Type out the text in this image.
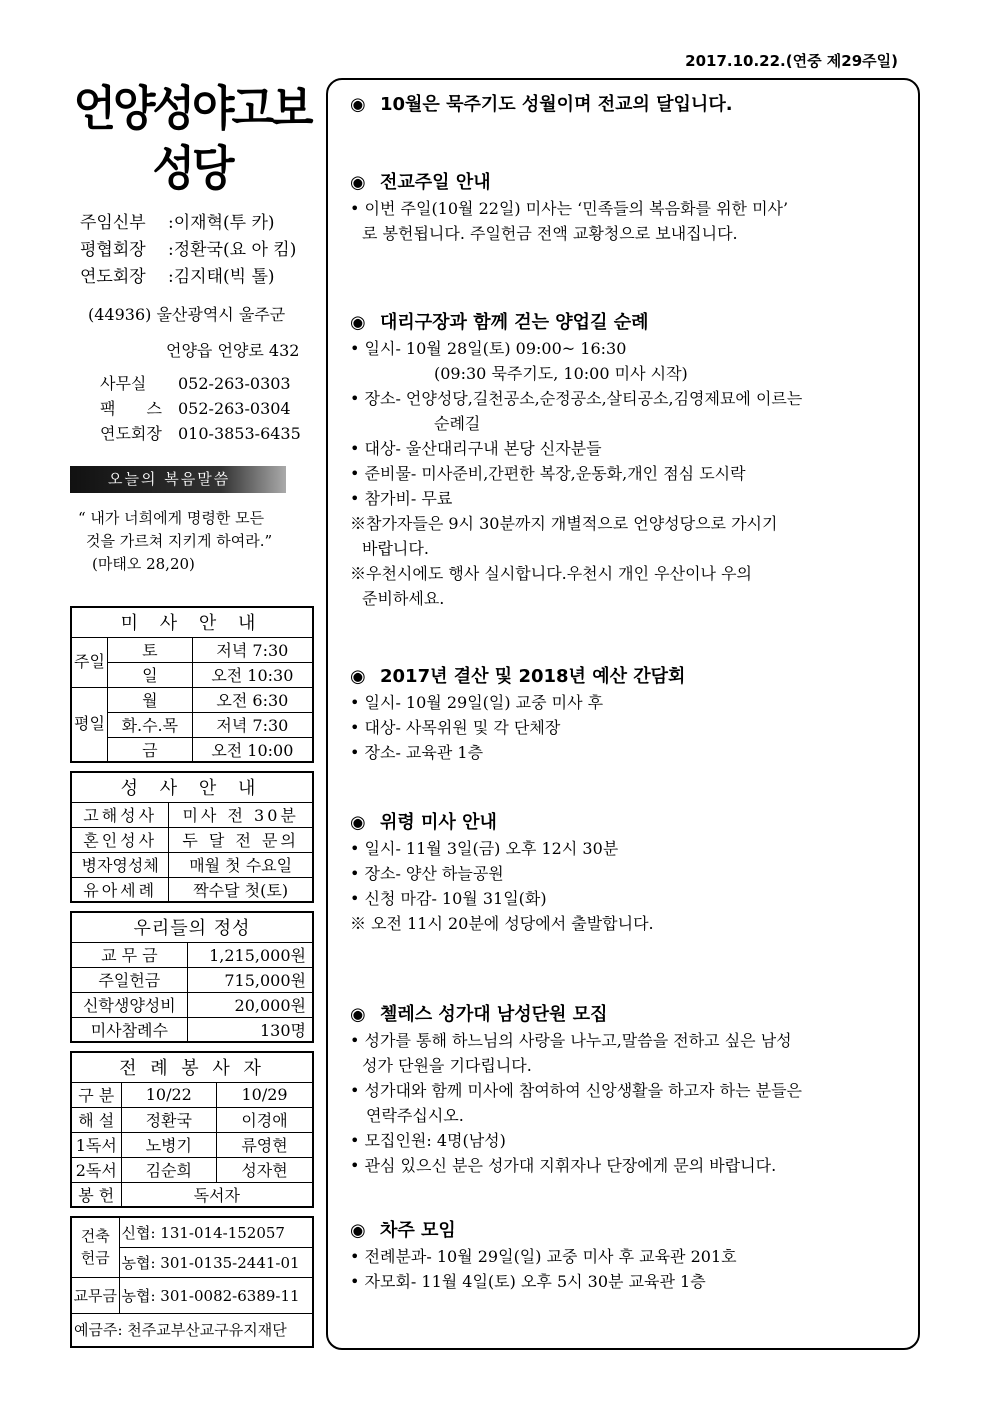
2017.10.22.(연중 제29주일)
언양성야고보
성당
주임신부	:이재혁(투 카)
평협회장	:정환국(요 아 킴)
연도회장	:김지태(빅 톨)
(44936) 울산광역시 울주군
언양읍 언양로 432
사무실	052-263-0303
팩 스 052-263-0304
연도회장 010-3853-6435
오늘의 복음말씀
“ 내가 너희에게 명령한 모든
것을 가르쳐 지키게 하여라.”
(마태오 28,20)
미 사 안 내		
주일	토	저녁 7:30
	일	오전 10:30
평일	월	오전 6:30
	화.수.목	저녁 7:30
	금	오전 10:00
성 사 안 내	
고해성사	미사 전 30분
혼인성사	두 달 전 문의
병자영성체	매월 첫 수요일
유아세례	짝수달 첫(토)
우리들의 정성	
교 무 금	1,215,000원
주일헌금	715,000원
신학생양성비	20,000원
미사참례수	130명
전 례 봉 사 자		
구 분	10/22	10/29
해 설	정환국	이경애
1독서	노병기	류영현
2독서	김순희	성자현
봉 헌	독서자	
건축헌금	신협: 131-014-152057
	농협: 301-0135-2441-01
교무금	농협: 301-0082-6389-11
예금주: 천주교부산교구유지재단	
◉ 10월은 묵주기도 성월이며 전교의 달입니다.
◉ 전교주일 안내

• 이번 주일(10월 22일) 미사는 ‘민족들의 복음화를 위한 미사’

로 봉헌됩니다. 주일헌금 전액 교황청으로 보내집니다.

◉ 대리구장과 함께 걷는 양업길 순례

• 일시- 10월 28일(토) 09:00~ 16:30

(09:30 묵주기도, 10:00 미사 시작)

• 장소- 언양성당,길천공소,순정공소,살티공소,김영제묘에 이르는

순례길

• 대상- 울산대리구내 본당 신자분들

• 준비물- 미사준비,간편한 복장,운동화,개인 점심 도시락

• 참가비- 무료

※참가자들은 9시 30분까지 개별적으로 언양성당으로 가시기

바랍니다.

※우천시에도 행사 실시합니다.우천시 개인 우산이나 우의

준비하세요.

◉ 2017년 결산 및 2018년 예산 간담회

• 일시- 10월 29일(일) 교중 미사 후

• 대상- 사목위원 및 각 단체장

• 장소- 교육관 1층

◉ 위령 미사 안내

• 일시- 11월 3일(금) 오후 12시 30분

• 장소- 양산 하늘공원

• 신청 마감- 10월 31일(화)

※ 오전 11시 20분에 성당에서 출발합니다.

◉ 첼레스 성가대 남성단원 모집

• 성가를 통해 하느님의 사랑을 나누고,말씀을 전하고 싶은 남성

성가 단원을 기다립니다.

• 성가대와 함께 미사에 참여하여 신앙생활을 하고자 하는 분들은

연락주십시오.

• 모집인원: 4명(남성)

• 관심 있으신 분은 성가대 지휘자나 단장에게 문의 바랍니다.

◉ 차주 모임

• 전례분과- 10월 29일(일) 교중 미사 후 교육관 201호

• 자모회- 11월 4일(토) 오후 5시 30분 교육관 1층
